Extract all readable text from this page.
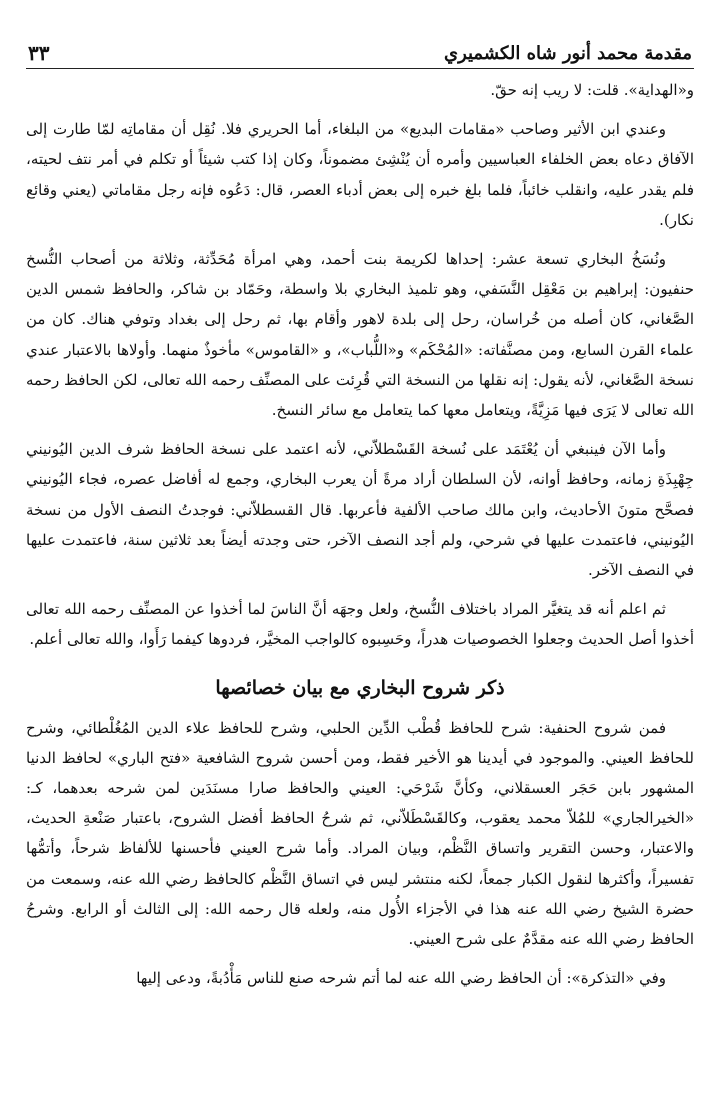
مقدمة محمد أنور شاه الكشميري
٣٣

و«الهداية». قلت: لا ريب إنه حقّ.

وعندي ابن الأثير وصاحب «مقامات البديع» من البلغاء، أما الحريري فلا. نُقِل أن مقاماتِه لمّا طارت إلى الآفاق دعاه بعض الخلفاء العباسيين وأمره أن يُنْشِئ مضموناً، وكان إذا كتب شيئاً أو تكلم في أمر نتف لحيته، فلم يقدر عليه، وانقلب خائباً، فلما بلغ خبره إلى بعض أدباء العصر، قال: دَعُوه فإنه رجل مقاماتي (يعني وقائع نكار).

ونُسَخُ البخاري تسعة عشر: إحداها لكريمة بنت أحمد، وهي امرأة مُحَدِّثة، وثلاثة من أصحاب النُّسخ حنفيون: إبراهيم بن مَعْقِل النَّسَفي، وهو تلميذ البخاري بلا واسطة، وحَمّاد بن شاكر، والحافظ شمس الدين الصَّغاني، كان أصله من خُراسان، رحل إلى بلدة لاهور وأقام بها، ثم رحل إلى بغداد وتوفي هناك. كان من علماء القرن السابع، ومن مصنَّفاته: «المُحْكَم» و«اللُّباب»، و «القاموس» مأخوذٌ منهما. وأولاها بالاعتبار عندي نسخة الصَّغاني، لأنه يقول: إنه نقلها من النسخة التي قُرِئت على المصنِّف رحمه الله تعالى، لكن الحافظ رحمه الله تعالى لا يَرَى فيها مَزِيَّةً، ويتعامل معها كما يتعامل مع سائر النسخ.

وأما الآن فينبغي أن يُعْتَمَد على نُسخة القَسْطلاّني، لأنه اعتمد على نسخة الحافظ شرف الدين اليُونيني جِهْبِذَةِ زمانه، وحافظ أوانه، لأن السلطان أراد مرةً أن يعرب البخاري، وجمع له أفاضل عصره، فجاء اليُونيني فصحَّح متونَ الأحاديث، وابن مالك صاحب الألفية فأعربها. قال القسطلاّني: فوجدتُ النصف الأول من نسخة اليُونيني، فاعتمدت عليها في شرحي، ولم أجد النصف الآخر، حتى وجدته أيضاً بعد ثلاثين سنة، فاعتمدت عليها في النصف الآخر.

ثم اعلم أنه قد يتغيَّر المراد باختلاف النُّسخ، ولعل وجهَه أنَّ الناسَ لما أخذوا عن المصنِّف رحمه الله تعالى أخذوا أصل الحديث وجعلوا الخصوصيات هدراً، وحَسِبوه كالواجب المخيَّر، فردوها كيفما رَأَوا، والله تعالى أعلم.

ذكر شروح البخاري مع بيان خصائصها

فمن شروح الحنفية: شرح للحافظ قُطْب الدِّين الحلبي، وشرح للحافظ علاء الدين المُغُلْطائي، وشرح للحافظ العيني. والموجود في أيدينا هو الأخير فقط، ومن أحسن شروح الشافعية «فتح الباري» لحافظ الدنيا المشهور بابن حَجَر العسقلاني، وكأنَّ شَرْحَي: العيني والحافظ صارا مسنَدَين لمن شرحه بعدهما، كـ: «الخيرالجاري» للمُلاّ محمد يعقوب، وكالقَسْطَلاّني، ثم شرحُ الحافظ أفضل الشروح، باعتبار صَنْعةِ الحديث، والاعتبار، وحسن التقرير واتساق النَّظْم، وبيان المراد. وأما شرح العيني فأحسنها للألفاظ شرحاً، وأتمُّها تفسيراً، وأكثرها لنقول الكبار جمعاً، لكنه منتشر ليس في اتساق النَّظْم كالحافظ رضي الله عنه، وسمعت من حضرة الشيخ رضي الله عنه هذا في الأجزاء الأُول منه، ولعله قال رحمه الله: إلى الثالث أو الرابع. وشرحُ الحافظ رضي الله عنه مقدَّمٌ على شرح العيني.

وفي «التذكرة»: أن الحافظ رضي الله عنه لما أتم شرحه صنع للناس مَأْدُبةً، ودعى إليها
